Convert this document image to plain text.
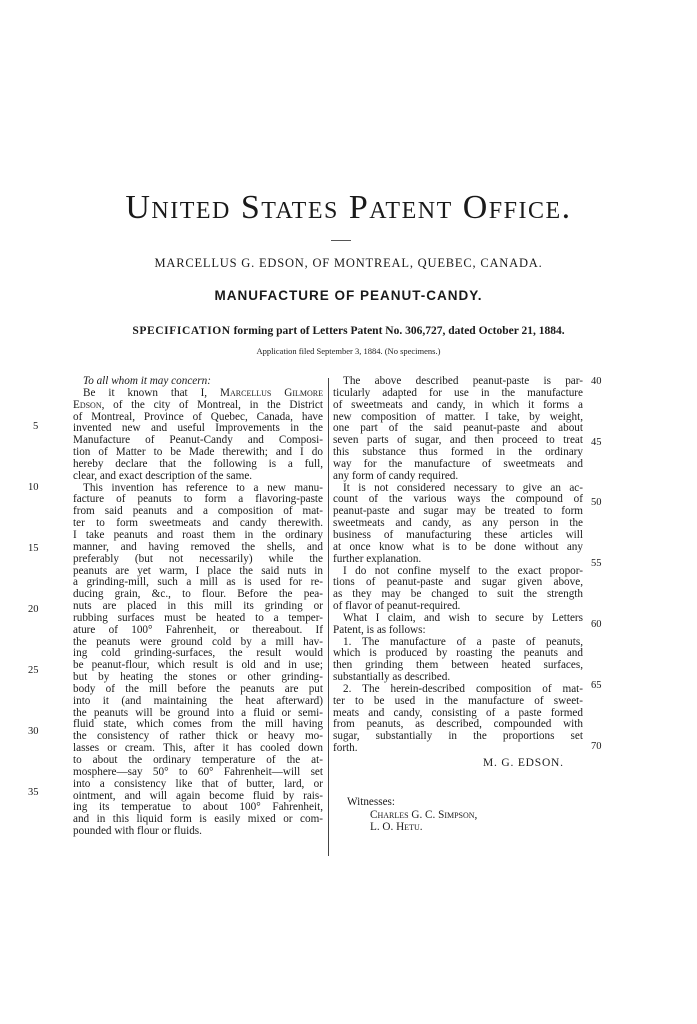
United States Patent Office.
MARCELLUS G. EDSON, OF MONTREAL, QUEBEC, CANADA.
MANUFACTURE OF PEANUT-CANDY.
SPECIFICATION forming part of Letters Patent No. 306,727, dated October 21, 1884.
Application filed September 3, 1884. (No specimens.)
To all whom it may concern:
Be it known that I, Marcellus Gilmore
Edson, of the city of Montreal, in the District
of Montreal, Province of Quebec, Canada, have
invented new and useful Improvements in the
Manufacture of Peanut-Candy and Composi-
tion of Matter to be Made therewith; and I do
hereby declare that the following is a full,
clear, and exact description of the same.
This invention has reference to a new manu-
facture of peanuts to form a flavoring-paste
from said peanuts and a composition of mat-
ter to form sweetmeats and candy therewith.
I take peanuts and roast them in the ordinary
manner, and having removed the shells, and
preferably (but not necessarily) while the
peanuts are yet warm, I place the said nuts in
a grinding-mill, such a mill as is used for re-
ducing grain, &c., to flour. Before the pea-
nuts are placed in this mill its grinding or
rubbing surfaces must be heated to a temper-
ature of 100° Fahrenheit, or thereabout. If
the peanuts were ground cold by a mill hav-
ing cold grinding-surfaces, the result would
be peanut-flour, which result is old and in use;
but by heating the stones or other grinding-
body of the mill before the peanuts are put
into it (and maintaining the heat afterward)
the peanuts will be ground into a fluid or semi-
fluid state, which comes from the mill having
the consistency of rather thick or heavy mo-
lasses or cream. This, after it has cooled down
to about the ordinary temperature of the at-
mosphere—say 50° to 60° Fahrenheit—will set
into a consistency like that of butter, lard, or
ointment, and will again become fluid by rais-
ing its temperatue to about 100° Fahrenheit,
and in this liquid form is easily mixed or com-
pounded with flour or fluids.
The above described peanut-paste is par-
ticularly adapted for use in the manufacture
of sweetmeats and candy, in which it forms a
new composition of matter. I take, by weight,
one part of the said peanut-paste and about
seven parts of sugar, and then proceed to treat
this substance thus formed in the ordinary
way for the manufacture of sweetmeats and
any form of candy required.
It is not considered necessary to give an ac-
count of the various ways the compound of
peanut-paste and sugar may be treated to form
sweetmeats and candy, as any person in the
business of manufacturing these articles will
at once know what is to be done without any
further explanation.
I do not confine myself to the exact propor-
tions of peanut-paste and sugar given above,
as they may be changed to suit the strength
of flavor of peanut-required.
What I claim, and wish to secure by Letters
Patent, is as follows:
1. The manufacture of a paste of peanuts,
which is produced by roasting the peanuts and
then grinding them between heated surfaces,
substantially as described.
2. The herein-described composition of mat-
ter to be used in the manufacture of sweet-
meats and candy, consisting of a paste formed
from peanuts, as described, compounded with
sugar, substantially in the proportions set
forth.
M. G. EDSON.
Witnesses:
Charles G. C. Simpson,
L. O. Hetu.
5
10
15
20
25
30
35
40
45
50
55
60
65
70
